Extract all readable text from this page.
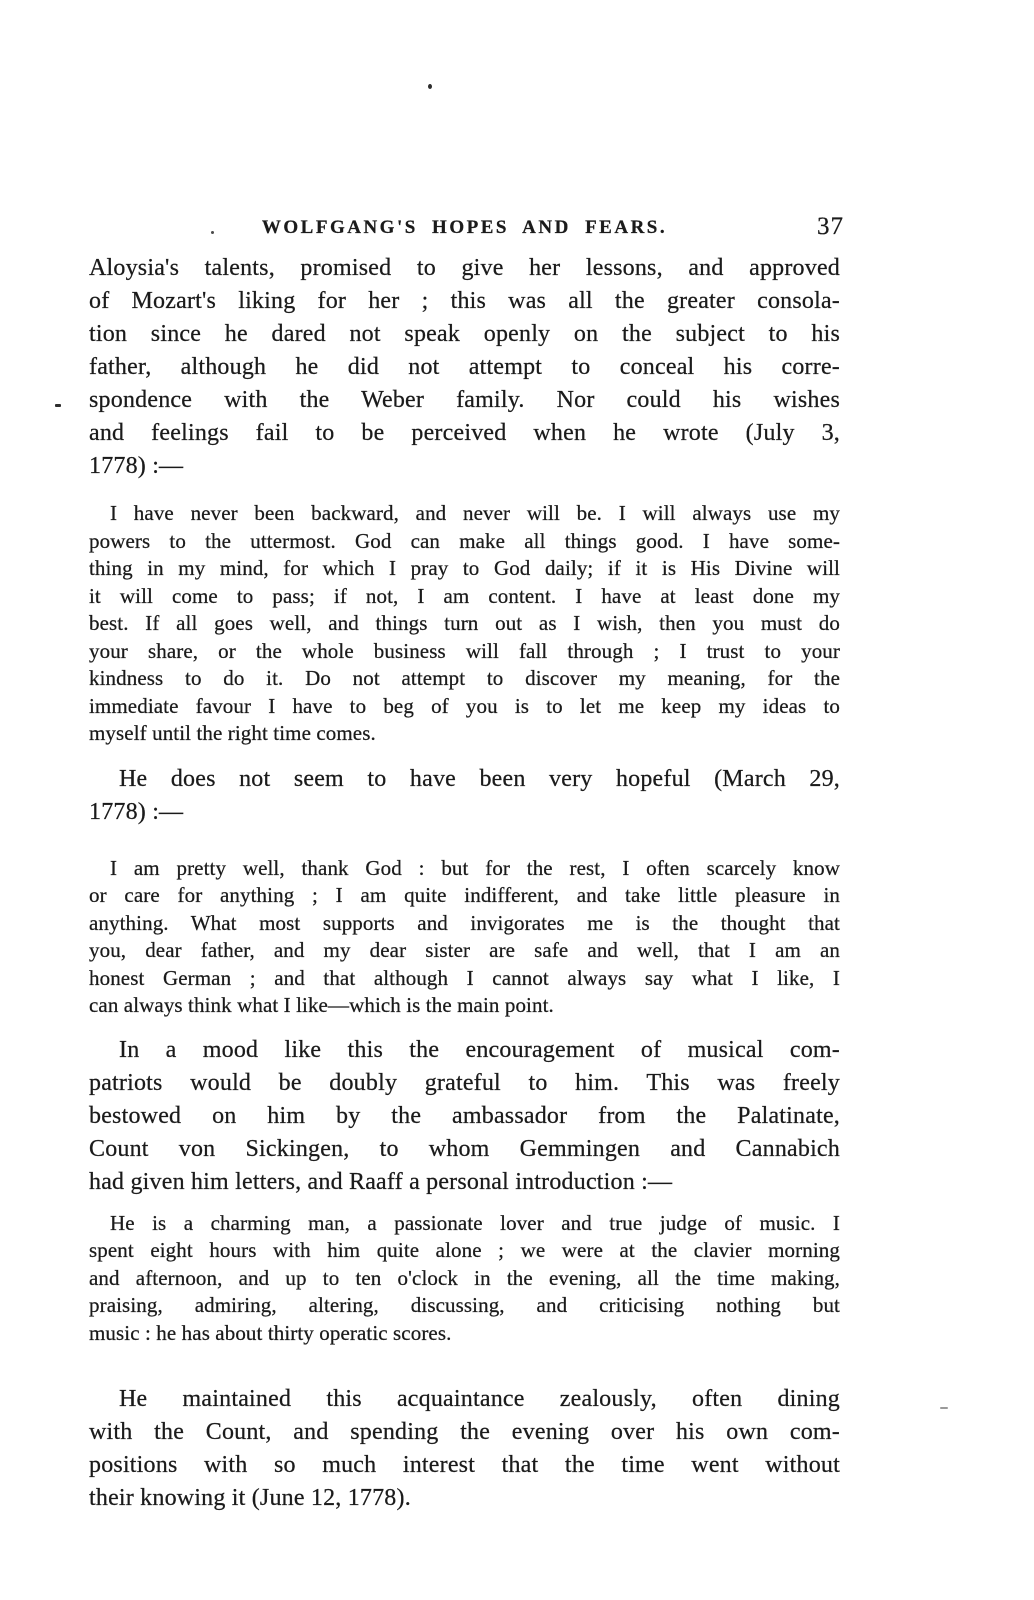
WOLFGANG'S HOPES AND FEARS.	37
Aloysia's talents, promised to give her lessons, and approved
of Mozart's liking for her ; this was all the greater consola-
tion since he dared not speak openly on the subject to his
father, although he did not attempt to conceal his corre-
spondence with the Weber family. Nor could his wishes
and feelings fail to be perceived when he wrote (July 3,
1778) :—
I have never been backward, and never will be. I will always use my
powers to the uttermost. God can make all things good. I have some-
thing in my mind, for which I pray to God daily; if it is His Divine will
it will come to pass; if not, I am content. I have at least done my
best. If all goes well, and things turn out as I wish, then you must do
your share, or the whole business will fall through ; I trust to your
kindness to do it. Do not attempt to discover my meaning, for the
immediate favour I have to beg of you is to let me keep my ideas to
myself until the right time comes.
He does not seem to have been very hopeful (March 29,
1778) :—
I am pretty well, thank God : but for the rest, I often scarcely know
or care for anything ; I am quite indifferent, and take little pleasure in
anything. What most supports and invigorates me is the thought that
you, dear father, and my dear sister are safe and well, that I am an
honest German ; and that although I cannot always say what I like, I
can always think what I like—which is the main point.
In a mood like this the encouragement of musical com-
patriots would be doubly grateful to him. This was freely
bestowed on him by the ambassador from the Palatinate,
Count von Sickingen, to whom Gemmingen and Cannabich
had given him letters, and Raaff a personal introduction :—
He is a charming man, a passionate lover and true judge of music. I
spent eight hours with him quite alone ; we were at the clavier morning
and afternoon, and up to ten o'clock in the evening, all the time making,
praising, admiring, altering, discussing, and criticising nothing but
music : he has about thirty operatic scores.
He maintained this acquaintance zealously, often dining
with the Count, and spending the evening over his own com-
positions with so much interest that the time went without
their knowing it (June 12, 1778).
